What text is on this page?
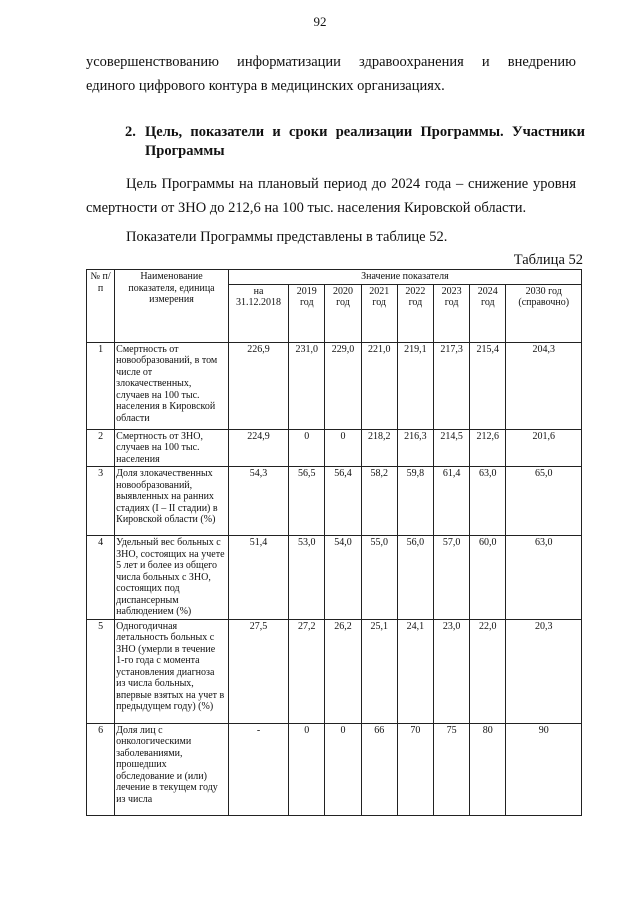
92
усовершенствованию информатизации здравоохранения и внедрению
единого цифрового контура в медицинских организациях.
2. Цель, показатели и сроки реализации Программы. Участники Программы
Цель Программы на плановый период до 2024 года – снижение уровня смертности от ЗНО до 212,6 на 100 тыс. населения Кировской области.
Показатели Программы представлены в таблице 52.
Таблица 52
№ п/п	Наименование показателя, единица измерения	Значение показателя							
		на 31.12.2018	2019 год	2020 год	2021 год	2022 год	2023 год	2024 год	2030 год (справочно)
1	Смертность от новообразований, в том числе от злокачественных, случаев на 100 тыс. населения в Кировской области	226,9	231,0	229,0	221,0	219,1	217,3	215,4	204,3
2	Смертность от ЗНО, случаев на 100 тыс. населения	224,9	0	0	218,2	216,3	214,5	212,6	201,6
3	Доля злокачественных новообразований, выявленных на ранних стадиях (I – II стадии) в Кировской области (%)	54,3	56,5	56,4	58,2	59,8	61,4	63,0	65,0
4	Удельный вес больных с ЗНО, состоящих на учете 5 лет и более из общего числа больных с ЗНО, состоящих под диспансерным наблюдением (%)	51,4	53,0	54,0	55,0	56,0	57,0	60,0	63,0
5	Одногодичная летальность больных с ЗНО (умерли в течение 1-го года с момента установления диагноза из числа больных, впервые взятых на учет в предыдущем году) (%)	27,5	27,2	26,2	25,1	24,1	23,0	22,0	20,3
6	Доля лиц с онкологическими заболеваниями, прошедших обследование и (или) лечение в текущем году из числа	-	0	0	66	70	75	80	90
